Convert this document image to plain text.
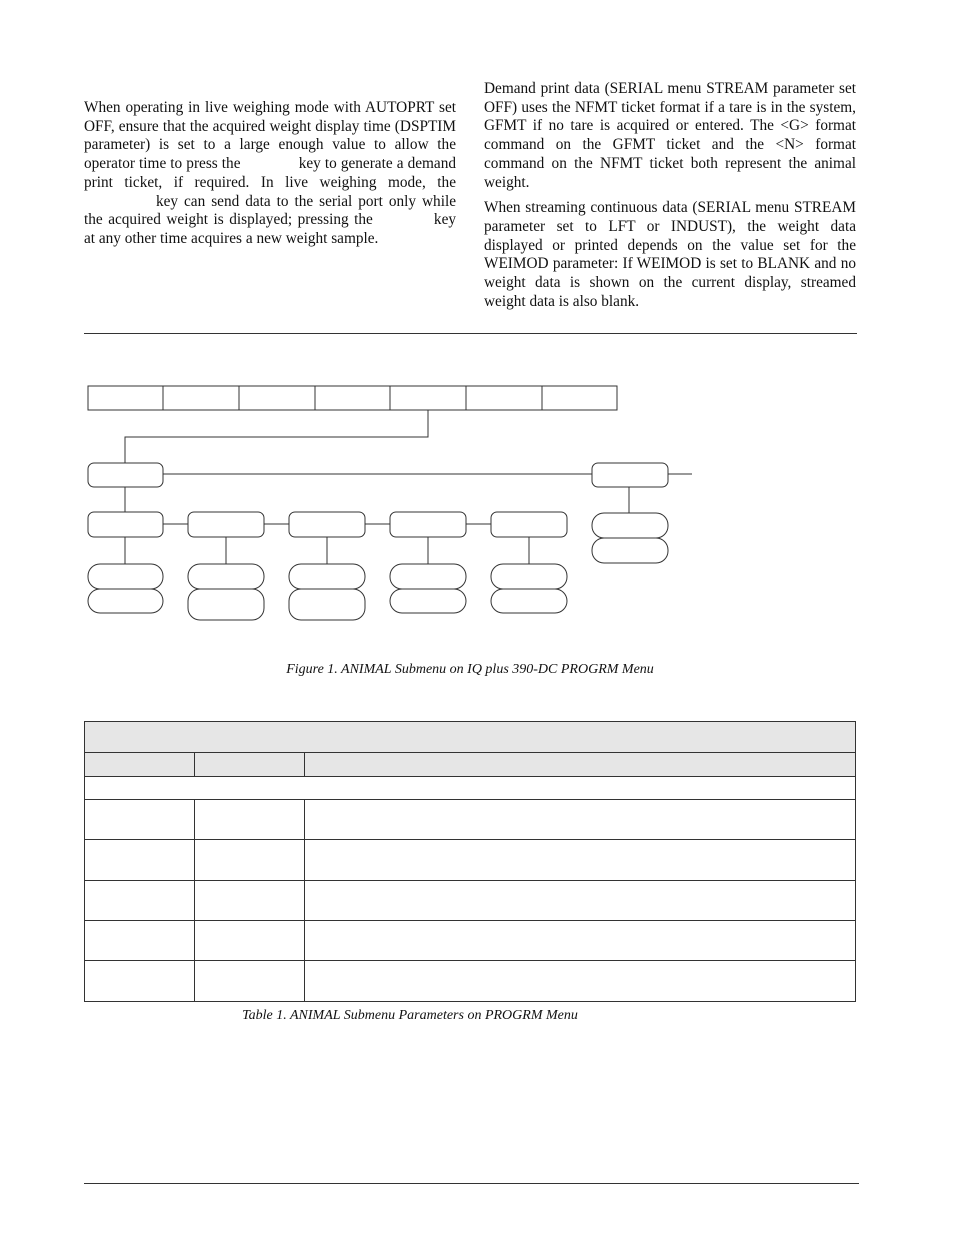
When operating in live weighing mode with AUTOPRT set OFF, ensure that the acquired weight display time (DSPTIM parameter) is set to a large enough value to allow the operator time to press the	key to generate a demand print ticket, if required. In live weighing mode, the  key can send data to the serial port only while the acquired weight is displayed; pressing the	key at any other time acquires a new weight sample.

Demand print data (SERIAL menu STREAM parameter set OFF) uses the NFMT ticket format if a tare is in the system, GFMT if no tare is acquired or entered. The <G> format command on the GFMT ticket and the <N> format command on the NFMT ticket both represent the animal weight.

When streaming continuous data (SERIAL menu STREAM parameter set to LFT or INDUST), the weight data displayed or printed depends on the value set for the WEIMOD parameter: If WEIMOD is set to BLANK and no weight data is shown on the current display, streamed weight data is also blank.

Figure 1. ANIMAL Submenu on IQ plus 390-DC PROGRM Menu

Table 1. ANIMAL Submenu Parameters on PROGRM Menu
